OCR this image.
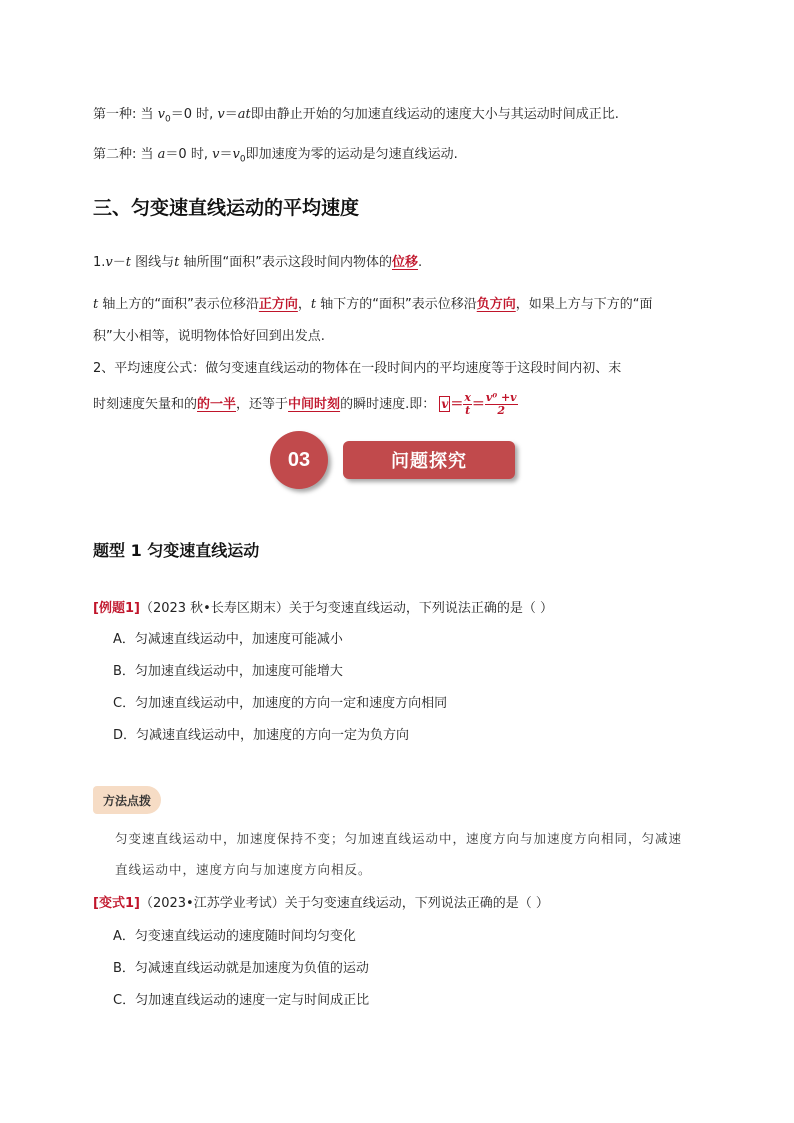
第一种: 当 $v_0=0$ 时, v＝at即由静止开始的匀加速直线运动的速度大小与其运动时间成正比.
第二种: 当 a＝0 时, $v=v_0$即加速度为零的运动是匀速直线运动.
三、匀变速直线运动的平均速度
1.v－t 图线与t 轴所围“面积”表示这段时间内物体的位移.
t 轴上方的“面积”表示位移沿正方向，t 轴下方的“面积”表示位移沿负方向，如果上方与下方的“面
积”大小相等，说明物体恰好回到出发点.
2、平均速度公式：做匀变速直线运动的物体在一段时间内的平均速度等于这段时间内初、末
时刻速度矢量和的的一半，还等于中间时刻的瞬时速度.即： $v = \frac{x}{t} = \frac{\text{v⁰ +v}}{2}$
问题探究
03
题型 1 匀变速直线运动
[例题1]（2023 秋•长寿区期末）关于匀变速直线运动，下列说法正确的是（ ）
A．匀减速直线运动中，加速度可能减小
B．匀加速直线运动中，加速度可能增大
C．匀加速直线运动中，加速度的方向一定和速度方向相同
D．匀减速直线运动中，加速度的方向一定为负方向
方法点拨
匀变速直线运动中，加速度保持不变；匀加速直线运动中，速度方向与加速度方向相同，匀减速
直线运动中，速度方向与加速度方向相反。
[变式1]（2023•江苏学业考试）关于匀变速直线运动，下列说法正确的是（ ）
A．匀变速直线运动的速度随时间均匀变化
B．匀减速直线运动就是加速度为负值的运动
C．匀加速直线运动的速度一定与时间成正比
